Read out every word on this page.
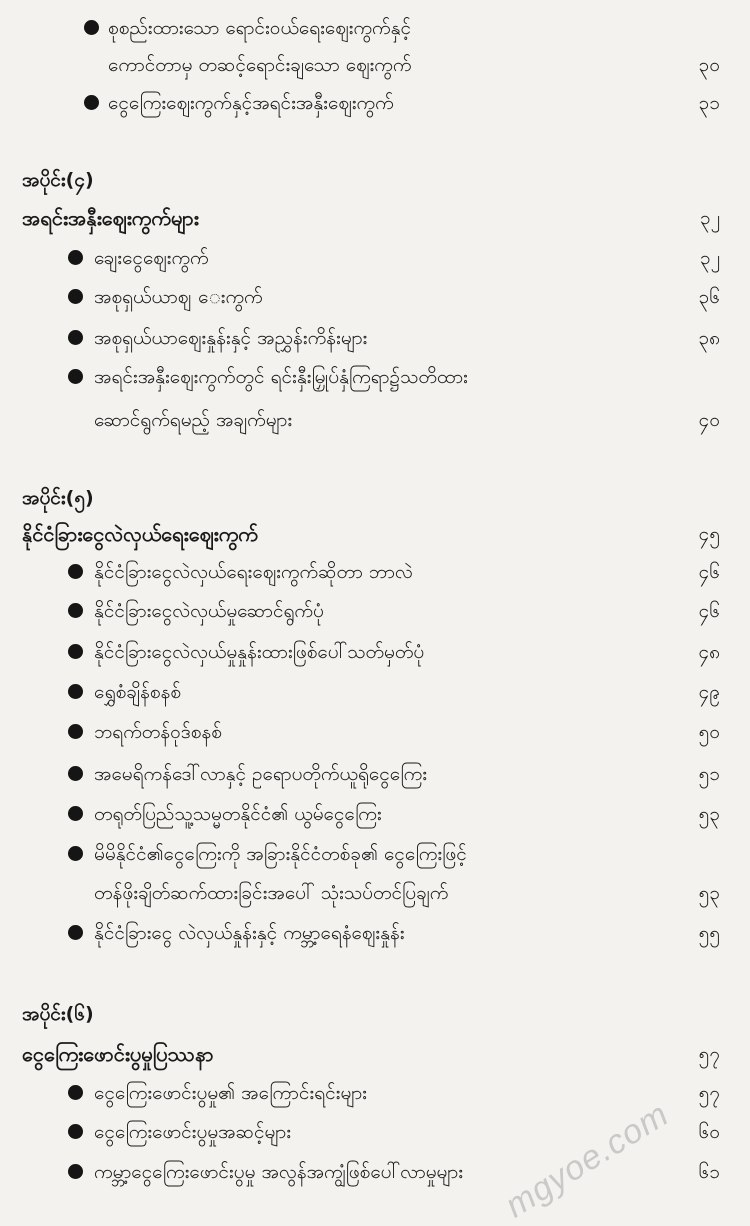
စုစည်းထားသော ရောင်းဝယ်ရေးဈေးကွက်နှင့်
ကောင်တာမှ တဆင့်ရောင်းချသော ဈေးကွက်	၃၀
ငွေကြေးဈေးကွက်နှင့်အရင်းအနှီးဈေးကွက်	၃၁
အပိုင်း(၄)
အရင်းအနှီးဈေးကွက်များ	၃၂
ချေးငွေဈေးကွက်	၃၂
အစုရှယ်ယာဈ ေးကွက်	၃၆
အစုရှယ်ယာဈေးနှုန်းနှင့် အညွှန်းကိန်းများ	၃၈
အရင်းအနှီးဈေးကွက်တွင် ရင်းနှီးမြှုပ်နှံကြရာ၌သတိထား
ဆောင်ရွက်ရမည့် အချက်များ	၄၀
အပိုင်း(၅)
နိုင်ငံခြားငွေလဲလှယ်ရေးဈေးကွက်	၄၅
နိုင်ငံခြားငွေလဲလှယ်ရေးဈေးကွက်ဆိုတာ ဘာလဲ	၄၆
နိုင်ငံခြားငွေလဲလှယ်မှုဆောင်ရွက်ပုံ	၄၆
နိုင်ငံခြားငွေလဲလှယ်မှုနှုန်းထားဖြစ်ပေါ်သတ်မှတ်ပုံ	၄၈
ရွှေစံချိန်စနစ်	၄၉
ဘရက်တန်ဝုဒ်စနစ်	၅၀
အမေရိကန်ဒေါ်လာနှင့် ဥရောပတိုက်ယူရိုငွေကြေး	၅၁
တရုတ်ပြည်သူ့သမ္မတနိုင်ငံ၏ ယွမ်ငွေကြေး	၅၃
မိမိနိုင်ငံ၏ငွေကြေးကို အခြားနိုင်ငံတစ်ခု၏ ငွေကြေးဖြင့်
တန်ဖိုးချိတ်ဆက်ထားခြင်းအပေါ် သုံးသပ်တင်ပြချက်	၅၃
နိုင်ငံခြားငွေ လဲလှယ်နှုန်းနှင့် ကမ္ဘာ့ရေနံဈေးနှုန်း	၅၅
အပိုင်း(၆)
ငွေကြေးဖောင်းပွမှုပြဿနာ	၅၇
ငွေကြေးဖောင်းပွမှု၏ အကြောင်းရင်းများ	၅၇
ငွေကြေးဖောင်းပွမှုအဆင့်များ	၆၀
ကမ္ဘာ့ငွေကြေးဖောင်းပွမှု အလွန်အကျွံဖြစ်ပေါ်လာမှုများ	၆၁
mgyoe.com
